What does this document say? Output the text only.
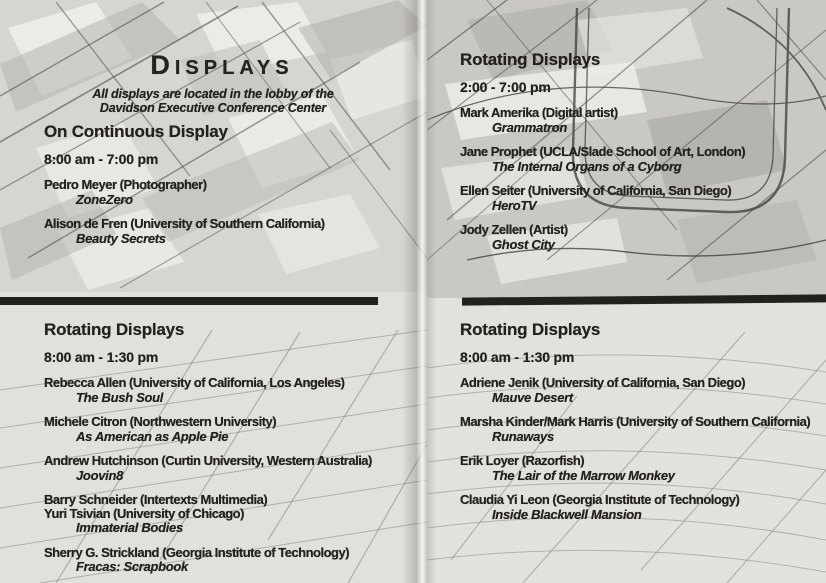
DISPLAYS
All displays are located in the lobby of the
Davidson Executive Conference Center
On Continuous Display
8:00 am - 7:00 pm
Pedro Meyer (Photographer)
ZoneZero
Alison de Fren (University of Southern California)
Beauty Secrets
Rotating Displays
8:00 am - 1:30 pm
Rebecca Allen (University of California, Los Angeles)
The Bush Soul
Michele Citron (Northwestern University)
As American as Apple Pie
Andrew Hutchinson (Curtin University, Western Australia)
Joovin8
Barry Schneider (Intertexts Multimedia)
Yuri Tsivian (University of Chicago)
Immaterial Bodies
Sherry G. Strickland (Georgia Institute of Technology)
Fracas: Scrapbook
Rotating Displays
2:00 - 7:00 pm
Mark Amerika (Digital artist)
Grammatron
Jane Prophet (UCLA/Slade School of Art, London)
The Internal Organs of a Cyborg
Ellen Seiter (University of California, San Diego)
HeroTV
Jody Zellen (Artist)
Ghost City
Rotating Displays
8:00 am - 1:30 pm
Adriene Jenik (University of California, San Diego)
Mauve Desert
Marsha Kinder/Mark Harris (University of Southern California)
Runaways
Erik Loyer (Razorfish)
The Lair of the Marrow Monkey
Claudia Yi Leon (Georgia Institute of Technology)
Inside Blackwell Mansion
